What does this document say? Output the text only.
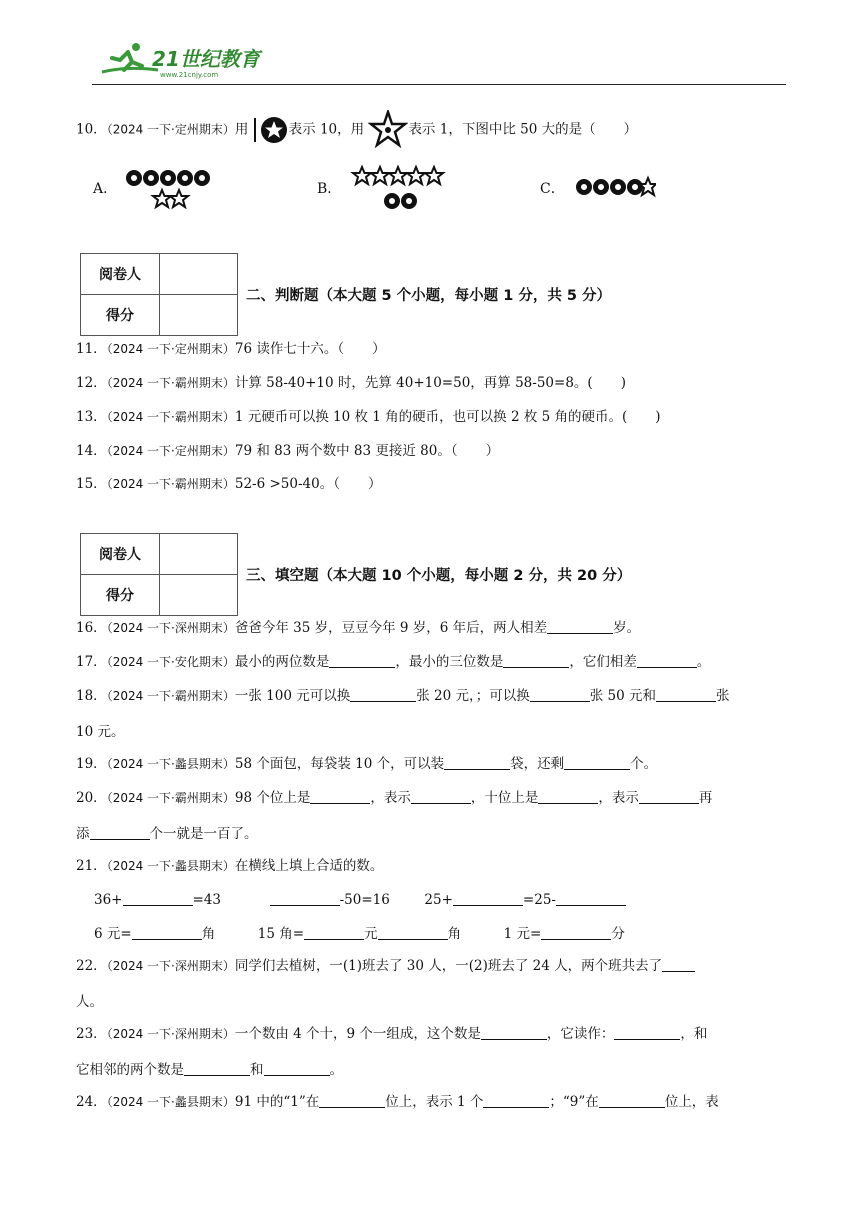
21世纪教育
www.21cnjy.com
10．（2024 一下·定州期末）用	表示 10，用	表示 1，下图中比 50 大的是（ ）
A．	B．	C．
阅卷人	
得分	
二、判断题（本大题 5 个小题，每小题 1 分，共 5 分）
11．（2024 一下·定州期末）76 读作七十六。（ ）
12．（2024 一下·霸州期末）计算 58-40+10 时，先算 40+10=50，再算 58-50=8。( )
13．（2024 一下·霸州期末）1 元硬币可以换 10 枚 1 角的硬币，也可以换 2 枚 5 角的硬币。( )
14．（2024 一下·定州期末）79 和 83 两个数中 83 更接近 80。（ ）
15．（2024 一下·霸州期末）52-6 >50-40。（ ）
阅卷人	
得分	
三、填空题（本大题 10 个小题，每小题 2 分，共 20 分）
16．（2024 一下·深州期末）爸爸今年 35 岁，豆豆今年 9 岁，6 年后，两人相差	岁。
17．（2024 一下·安化期末）最小的两位数是	，最小的三位数是	，它们相差	。
18．（2024 一下·霸州期末）一张 100 元可以换	张 20 元，；可以换	张 50 元和	张
10 元。
19．（2024 一下·蠡县期末）58 个面包，每袋装 10 个，可以装	袋，还剩	个。
20．（2024 一下·霸州期末）98 个位上是	，表示	，十位上是	，表示	再
添	个一就是一百了。
21．（2024 一下·蠡县期末）在横线上填上合适的数。
36+	=43	-50=16	25+	=25-
6 元=	角	15 角=	元	角	1 元=	分
22．（2024 一下·深州期末）同学们去植树，一(1)班去了 30 人，一(2)班去了 24 人，两个班共去了
人。
23．（2024 一下·深州期末）一个数由 4 个十，9 个一组成，这个数是	，它读作：	，和
它相邻的两个数是	和	。
24．（2024 一下·蠡县期末）91 中的“1”在	位上，表示 1 个	；“9”在	位上，表
